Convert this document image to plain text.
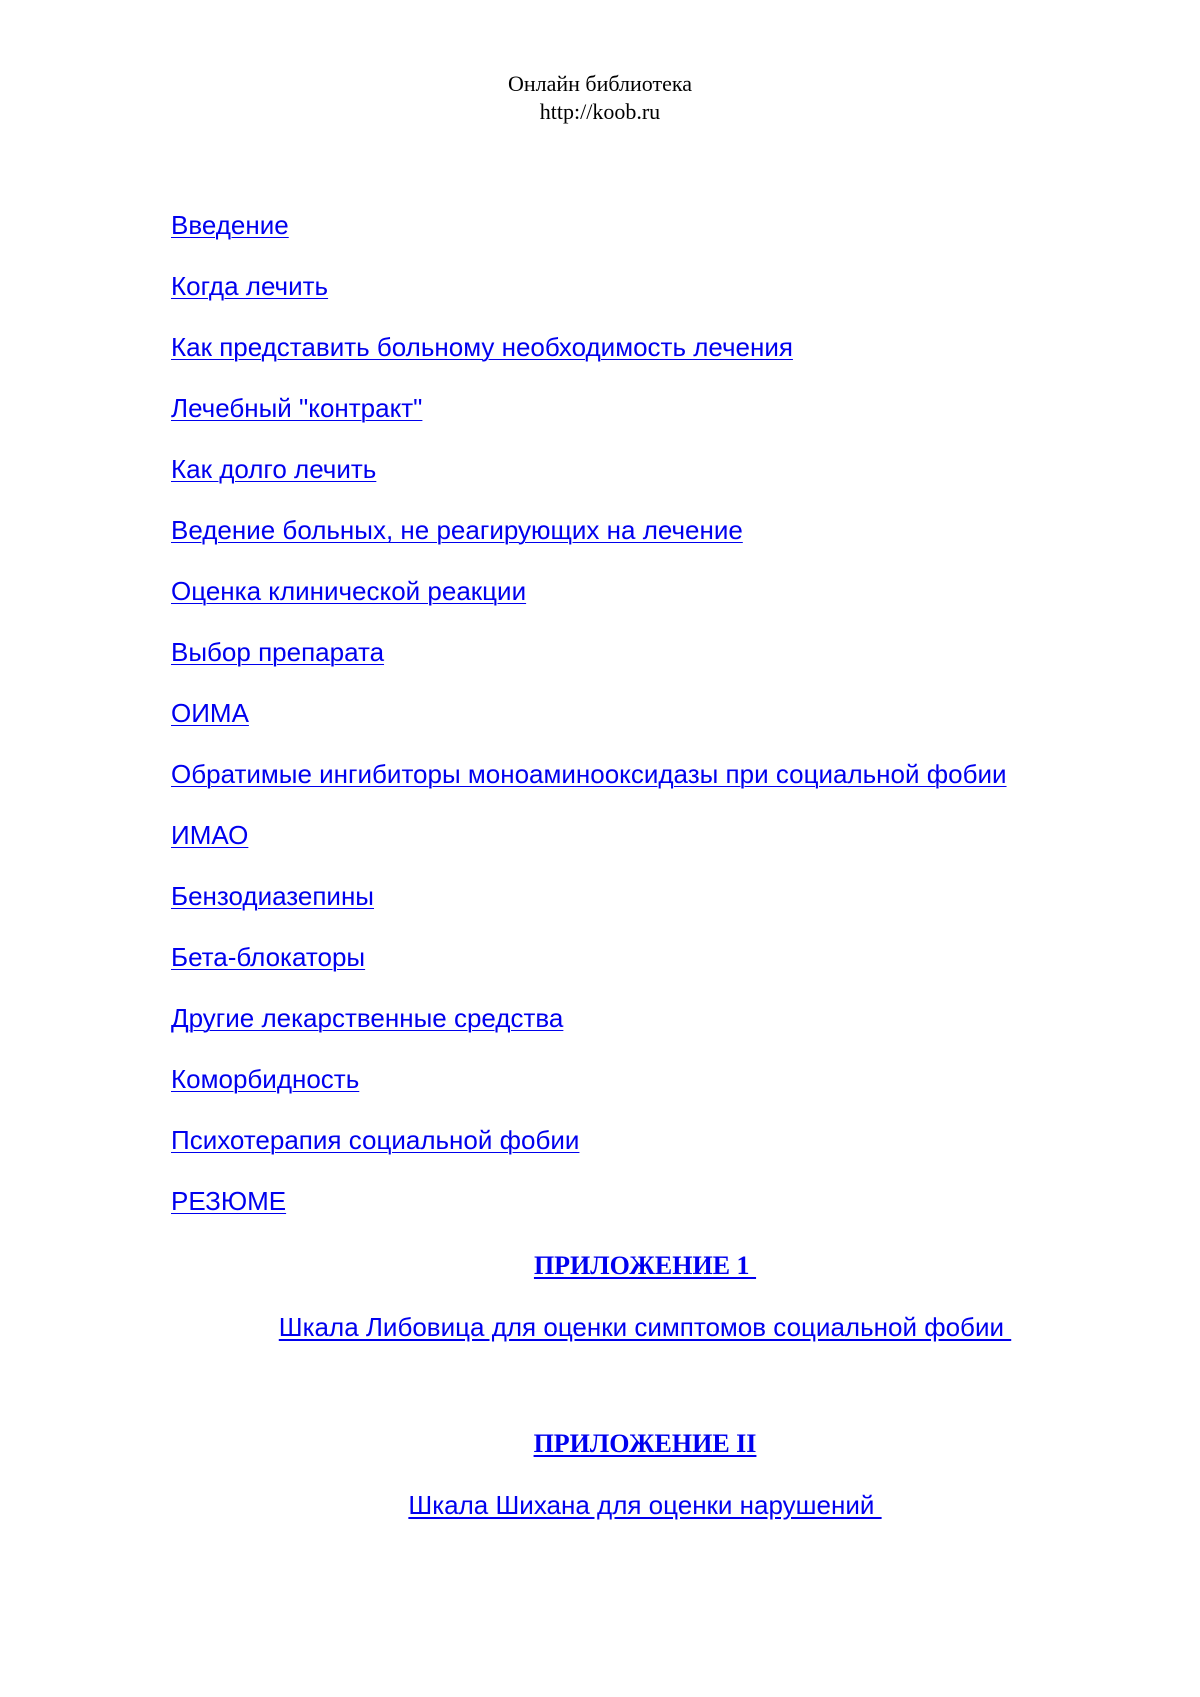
Онлайн библиотека
http://koob.ru
Введение
Когда лечить
Как представить больному необходимость лечения
Лечебный "контракт"
Как долго лечить
Ведение больных, не реагирующих на лечение
Оценка клинической реакции
Выбор препарата
ОИМА
Обратимые ингибиторы моноаминооксидазы при социальной фобии
ИМАО
Бензодиазепины
Бета-блокаторы
Другие лекарственные средства
Коморбидность
Психотерапия социальной фобии
РЕЗЮМЕ
ПРИЛОЖЕНИЕ 1
Шкала Либовица для оценки симптомов социальной фобии
ПРИЛОЖЕНИЕ II
Шкала Шихана для оценки нарушений
